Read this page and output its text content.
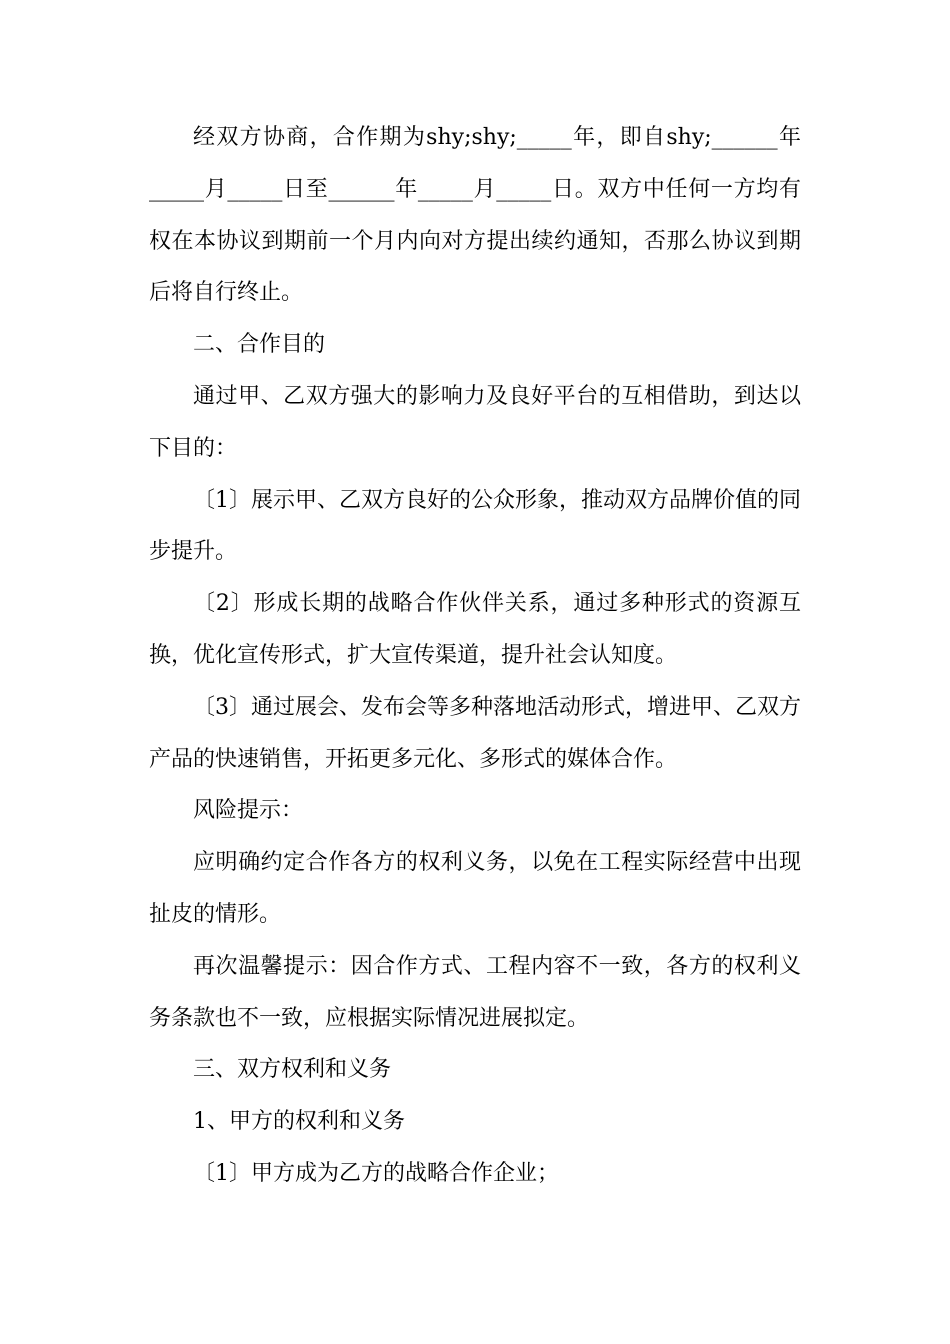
经双方协商，合作期为shy;shy;_____年，即自shy;______年_____月_____日至______年_____月_____日。双方中任何一方均有权在本协议到期前一个月内向对方提出续约通知，否那么协议到期后将自行终止。

二、合作目的

通过甲、乙双方强大的影响力及良好平台的互相借助，到达以下目的：

〔1〕展示甲、乙双方良好的公众形象，推动双方品牌价值的同步提升。

〔2〕形成长期的战略合作伙伴关系，通过多种形式的资源互换，优化宣传形式，扩大宣传渠道，提升社会认知度。

〔3〕通过展会、发布会等多种落地活动形式，增进甲、乙双方产品的快速销售，开拓更多元化、多形式的媒体合作。

风险提示：

应明确约定合作各方的权利义务，以免在工程实际经营中出现扯皮的情形。

再次温馨提示：因合作方式、工程内容不一致，各方的权利义务条款也不一致，应根据实际情况进展拟定。

三、双方权利和义务

1、甲方的权利和义务

〔1〕甲方成为乙方的战略合作企业；
